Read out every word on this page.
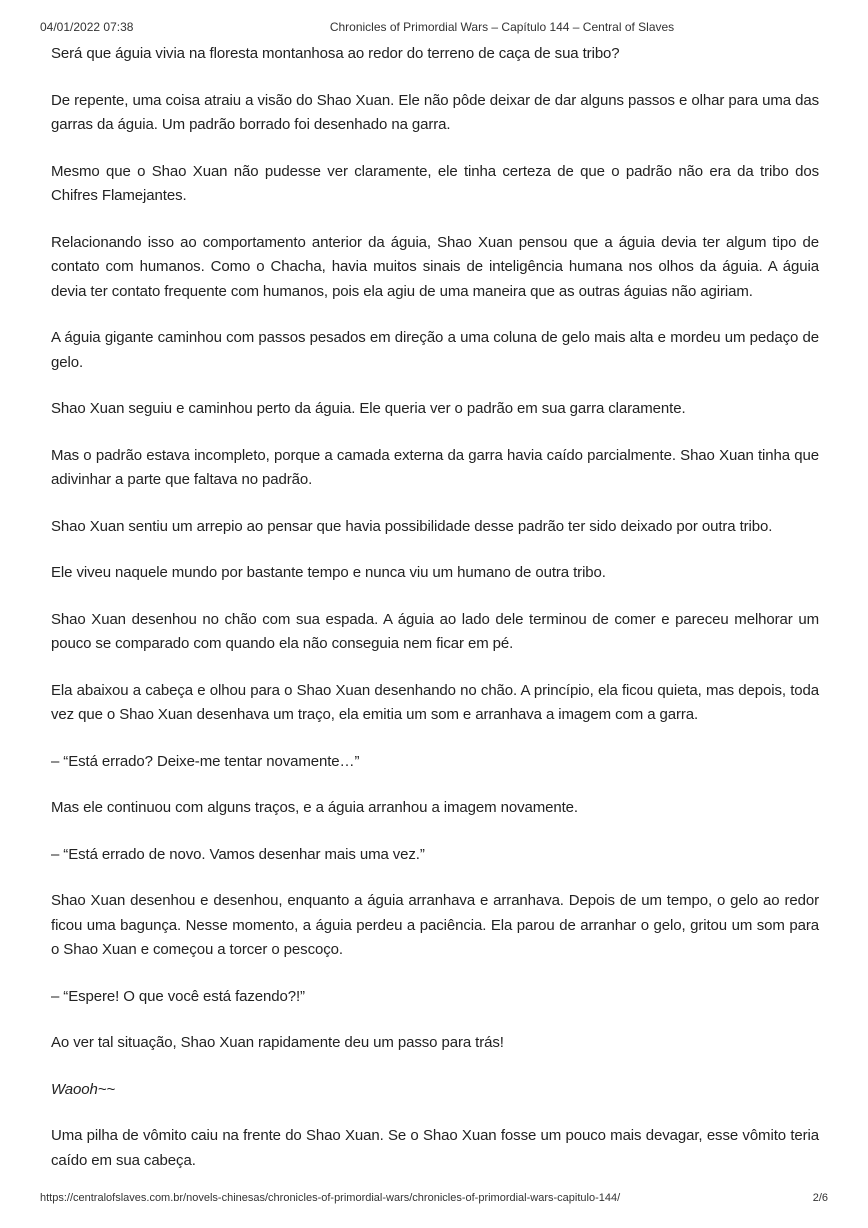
04/01/2022 07:38	Chronicles of Primordial Wars – Capítulo 144 – Central of Slaves

Será que águia vivia na floresta montanhosa ao redor do terreno de caça de sua tribo?

De repente, uma coisa atraiu a visão do Shao Xuan. Ele não pôde deixar de dar alguns passos e olhar para uma das garras da águia. Um padrão borrado foi desenhado na garra.

Mesmo que o Shao Xuan não pudesse ver claramente, ele tinha certeza de que o padrão não era da tribo dos Chifres Flamejantes.

Relacionando isso ao comportamento anterior da águia, Shao Xuan pensou que a águia devia ter algum tipo de contato com humanos. Como o Chacha, havia muitos sinais de inteligência humana nos olhos da águia. A águia devia ter contato frequente com humanos, pois ela agiu de uma maneira que as outras águias não agiriam.

A águia gigante caminhou com passos pesados em direção a uma coluna de gelo mais alta e mordeu um pedaço de gelo.

Shao Xuan seguiu e caminhou perto da águia. Ele queria ver o padrão em sua garra claramente.

Mas o padrão estava incompleto, porque a camada externa da garra havia caído parcialmente. Shao Xuan tinha que adivinhar a parte que faltava no padrão.

Shao Xuan sentiu um arrepio ao pensar que havia possibilidade desse padrão ter sido deixado por outra tribo.

Ele viveu naquele mundo por bastante tempo e nunca viu um humano de outra tribo.

Shao Xuan desenhou no chão com sua espada. A águia ao lado dele terminou de comer e pareceu melhorar um pouco se comparado com quando ela não conseguia nem ficar em pé.

Ela abaixou a cabeça e olhou para o Shao Xuan desenhando no chão. A princípio, ela ficou quieta, mas depois, toda vez que o Shao Xuan desenhava um traço, ela emitia um som e arranhava a imagem com a garra.

– “Está errado? Deixe-me tentar novamente…”

Mas ele continuou com alguns traços, e a águia arranhou a imagem novamente.

– “Está errado de novo. Vamos desenhar mais uma vez.”

Shao Xuan desenhou e desenhou, enquanto a águia arranhava e arranhava. Depois de um tempo, o gelo ao redor ficou uma bagunça. Nesse momento, a águia perdeu a paciência. Ela parou de arranhar o gelo, gritou um som para o Shao Xuan e começou a torcer o pescoço.

– “Espere! O que você está fazendo?!”

Ao ver tal situação, Shao Xuan rapidamente deu um passo para trás!

Waooh~~

Uma pilha de vômito caiu na frente do Shao Xuan. Se o Shao Xuan fosse um pouco mais devagar, esse vômito teria caído em sua cabeça.

https://centralofslaves.com.br/novels-chinesas/chronicles-of-primordial-wars/chronicles-of-primordial-wars-capitulo-144/	2/6
